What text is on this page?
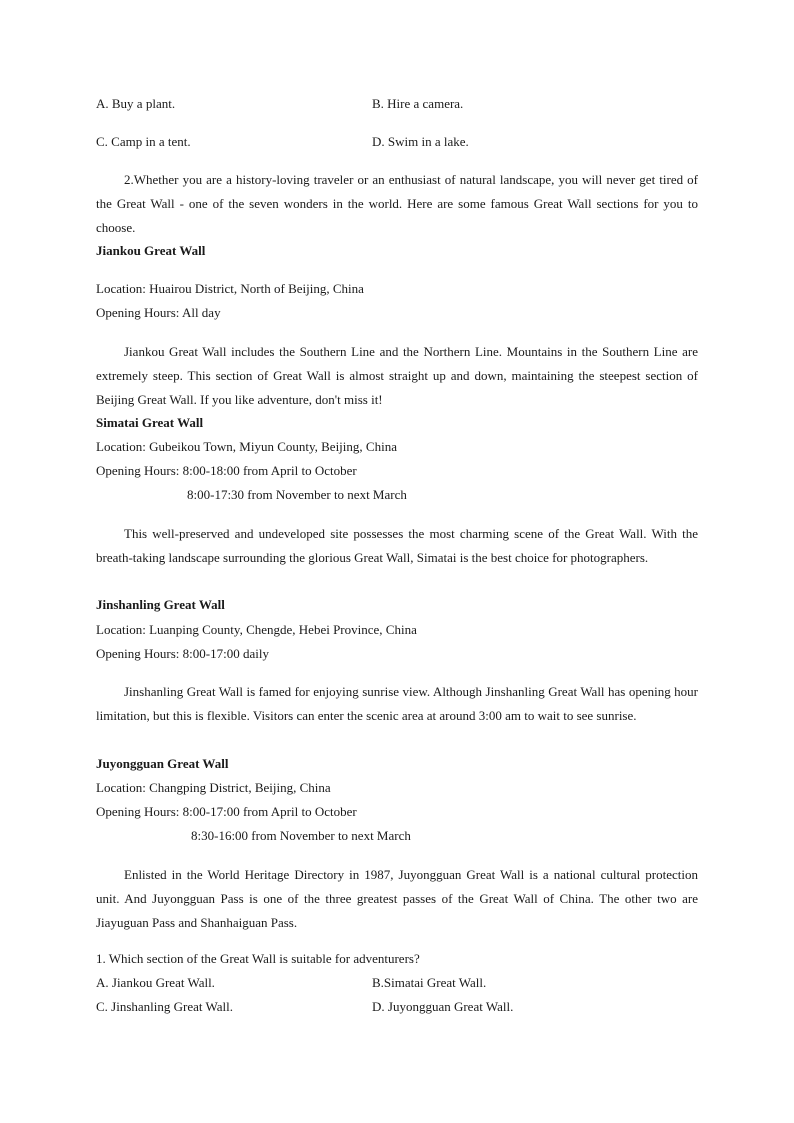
A. Buy a plant.	B. Hire a camera.
C. Camp in a tent.	D. Swim in a lake.
2.Whether you are a history-loving traveler or an enthusiast of natural landscape, you will never get tired of the Great Wall - one of the seven wonders in the world. Here are some famous Great Wall sections for you to choose.
Jiankou Great Wall
Location: Huairou District, North of Beijing, China
Opening Hours: All day
Jiankou Great Wall includes the Southern Line and the Northern Line. Mountains in the Southern Line are extremely steep. This section of Great Wall is almost straight up and down, maintaining the steepest section of Beijing Great Wall. If you like adventure, don't miss it!
Simatai Great Wall
Location: Gubeikou Town, Miyun County, Beijing, China
Opening Hours: 8:00-18:00 from April to October
8:00-17:30 from November to next March
This well-preserved and undeveloped site possesses the most charming scene of the Great Wall. With the breath-taking landscape surrounding the glorious Great Wall, Simatai is the best choice for photographers.
Jinshanling Great Wall
Location: Luanping County, Chengde, Hebei Province, China
Opening Hours: 8:00-17:00 daily
Jinshanling Great Wall is famed for enjoying sunrise view. Although Jinshanling Great Wall has opening hour limitation, but this is flexible. Visitors can enter the scenic area at around 3:00 am to wait to see sunrise.
Juyongguan Great Wall
Location: Changping District, Beijing, China
Opening Hours: 8:00-17:00 from April to October
8:30-16:00 from November to next March
Enlisted in the World Heritage Directory in 1987, Juyongguan Great Wall is a national cultural protection unit. And Juyongguan Pass is one of the three greatest passes of the Great Wall of China. The other two are Jiayuguan Pass and Shanhaiguan Pass.
1. Which section of the Great Wall is suitable for adventurers?
A. Jiankou Great Wall.	B.Simatai Great Wall.
C. Jinshanling Great Wall.	D. Juyongguan Great Wall.
